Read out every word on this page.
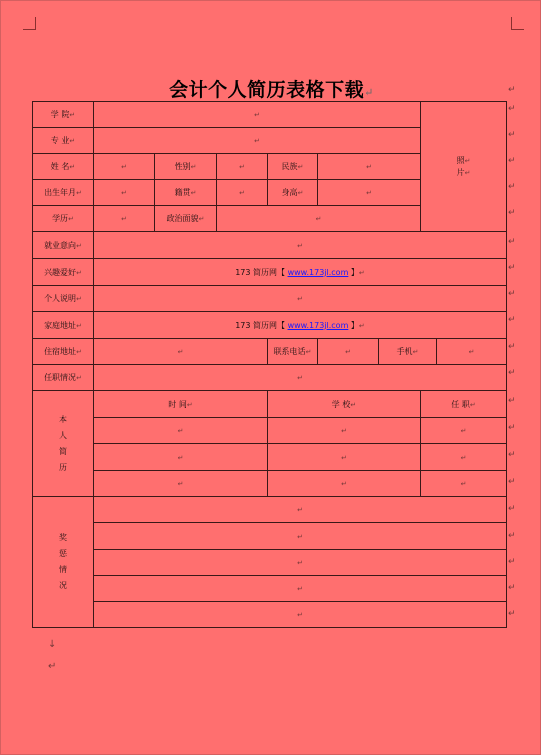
会计个人简历表格下载↵	↵
↵
↵
↵
↵
↵
↵
↵
↵
↵
↵
↵
↵
↵
↵
↵
↵
↵
↵
↵
↵
学 院↵	↵						照↵
片↵	
专 业↵	↵							
姓 名↵	↵	性别↵	↵	民族↵	↵			
出生年月↵	↵	籍贯↵	↵	身高↵	↵			
学历↵	↵	政治面貌↵	↵					
就业意向↵	↵							
兴趣爱好↵	173 简历网【 www.173jl.com 】↵							
个人说明↵	↵							
家庭地址↵	173 简历网【 www.173jl.com 】↵							
住宿地址↵	↵			联系电话↵	↵	手机↵		↵
任职情况↵	↵							

本
人
简
历	时 间↵			学 校↵			任 职↵	
	↵			↵			↵	
	↵			↵			↵	
	↵			↵			↵	

奖
惩
情
况	↵							
	↵							
	↵							
	↵							
	↵							
↓
↵
